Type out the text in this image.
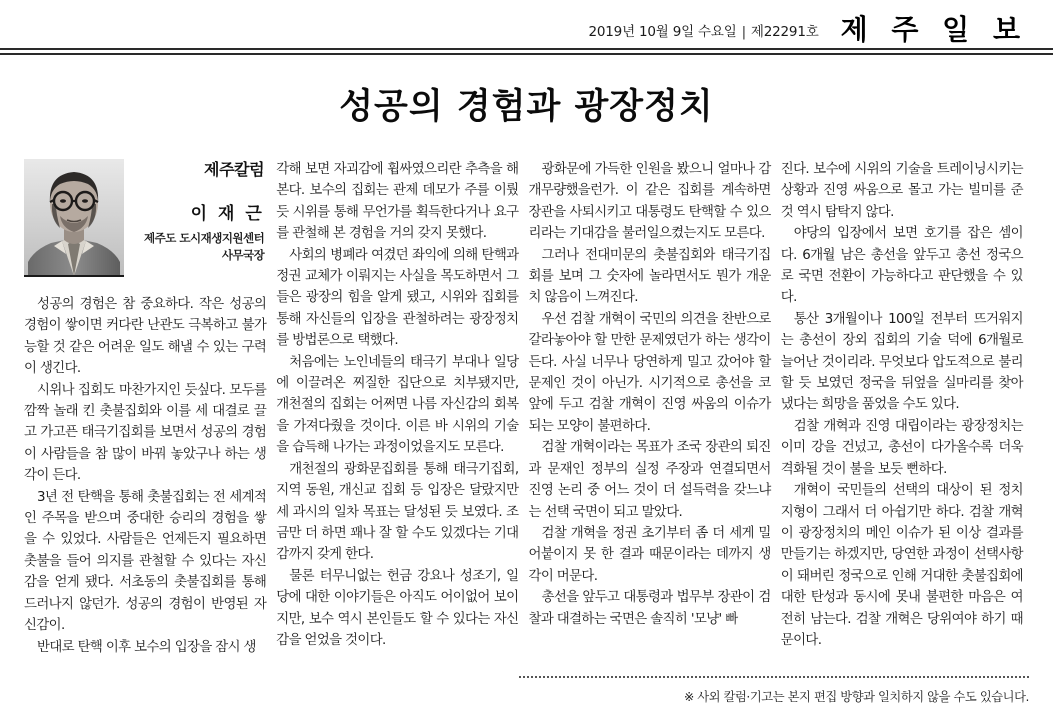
2019년 10월 9일 수요일 | 제22291호 제 주 일 보
성공의 경험과 광장정치
제주칼럼
이 재 근
제주도 도시재생지원센터
사무국장

성공의 경험은 참 중요하다. 작은 성공의 경험이 쌓이면 커다란 난관도 극복하고 불가능할 것 같은 어려운 일도 해낼 수 있는 구력이 생긴다.

시위나 집회도 마찬가지인 듯싶다. 모두를 깜짝 놀래 킨 촛불집회와 이를 세 대결로 끌고 가고픈 태극기집회를 보면서 성공의 경험이 사람들을 참 많이 바꿔 놓았구나 하는 생각이 든다.

3년 전 탄핵을 통해 촛불집회는 전 세계적인 주목을 받으며 중대한 승리의 경험을 쌓을 수 있었다. 사람들은 언제든지 필요하면 촛불을 들어 의지를 관철할 수 있다는 자신감을 얻게 됐다. 서초동의 촛불집회를 통해 드러나지 않던가. 성공의 경험이 반영된 자신감이.

반대로 탄핵 이후 보수의 입장을 잠시 생

각해 보면 자괴감에 휩싸였으리란 추측을 해 본다. 보수의 집회는 관제 데모가 주를 이뤘듯 시위를 통해 무언가를 획득한다거나 요구를 관철해 본 경험을 거의 갖지 못했다.

사회의 병폐라 여겼던 좌익에 의해 탄핵과 정권 교체가 이뤄지는 사실을 목도하면서 그들은 광장의 힘을 알게 됐고, 시위와 집회를 통해 자신들의 입장을 관철하려는 광장정치를 방법론으로 택했다.

처음에는 노인네들의 태극기 부대나 일당에 이끌려온 찌질한 집단으로 치부됐지만, 개천절의 집회는 어쩌면 나름 자신감의 회복을 가져다줬을 것이다. 이른 바 시위의 기술을 습득해 나가는 과정이었을지도 모른다.

개천절의 광화문집회를 통해 태극기집회, 지역 동원, 개신교 집회 등 입장은 달랐지만 세 과시의 일차 목표는 달성된 듯 보였다. 조금만 더 하면 꽤나 잘 할 수도 있겠다는 기대감까지 갖게 한다.

물론 터무니없는 헌금 강요나 성조기, 일당에 대한 이야기들은 아직도 어이없어 보이지만, 보수 역시 본인들도 할 수 있다는 자신감을 얻었을 것이다.

광화문에 가득한 인원을 봤으니 얼마나 감개무량했을런가. 이 같은 집회를 계속하면 장관을 사퇴시키고 대통령도 탄핵할 수 있으리라는 기대감을 불러일으켰는지도 모른다.

그러나 전대미문의 촛불집회와 태극기집회를 보며 그 숫자에 놀라면서도 뭔가 개운치 않음이 느껴진다.

우선 검찰 개혁이 국민의 의견을 찬반으로 갈라놓아야 할 만한 문제였던가 하는 생각이 든다. 사실 너무나 당연하게 밀고 갔어야 할 문제인 것이 아닌가. 시기적으로 총선을 코앞에 두고 검찰 개혁이 진영 싸움의 이슈가 되는 모양이 불편하다.

검찰 개혁이라는 목표가 조국 장관의 퇴진과 문재인 정부의 실정 주장과 연결되면서 진영 논리 중 어느 것이 더 설득력을 갖느냐는 선택 국면이 되고 말았다.

검찰 개혁을 정권 초기부터 좀 더 세게 밀어붙이지 못 한 결과 때문이라는 데까지 생각이 머문다.

총선을 앞두고 대통령과 법무부 장관이 검찰과 대결하는 국면은 솔직히 '모냥' 빠

진다. 보수에 시위의 기술을 트레이닝시키는 상황과 진영 싸움으로 몰고 가는 빌미를 준 것 역시 탐탁지 않다.

야당의 입장에서 보면 호기를 잡은 셈이다. 6개월 남은 총선을 앞두고 총선 정국으로 국면 전환이 가능하다고 판단했을 수 있다.

통산 3개월이나 100일 전부터 뜨거워지는 총선이 장외 집회의 기술 덕에 6개월로 늘어난 것이리라. 무엇보다 압도적으로 불리할 듯 보였던 정국을 뒤엎을 실마리를 찾아냈다는 희망을 품었을 수도 있다.

검찰 개혁과 진영 대립이라는 광장정치는 이미 강을 건넜고, 총선이 다가올수록 더욱 격화될 것이 불을 보듯 뻔하다.

개혁이 국민들의 선택의 대상이 된 정치 지형이 그래서 더 아쉽기만 하다. 검찰 개혁이 광장정치의 메인 이슈가 된 이상 결과를 만들기는 하겠지만, 당연한 과정이 선택사항이 돼버린 정국으로 인해 거대한 촛불집회에 대한 탄성과 동시에 못내 불편한 마음은 여전히 남는다. 검찰 개혁은 당위여야 하기 때문이다.

※ 사외 칼럼·기고는 본지 편집 방향과 일치하지 않을 수도 있습니다.
